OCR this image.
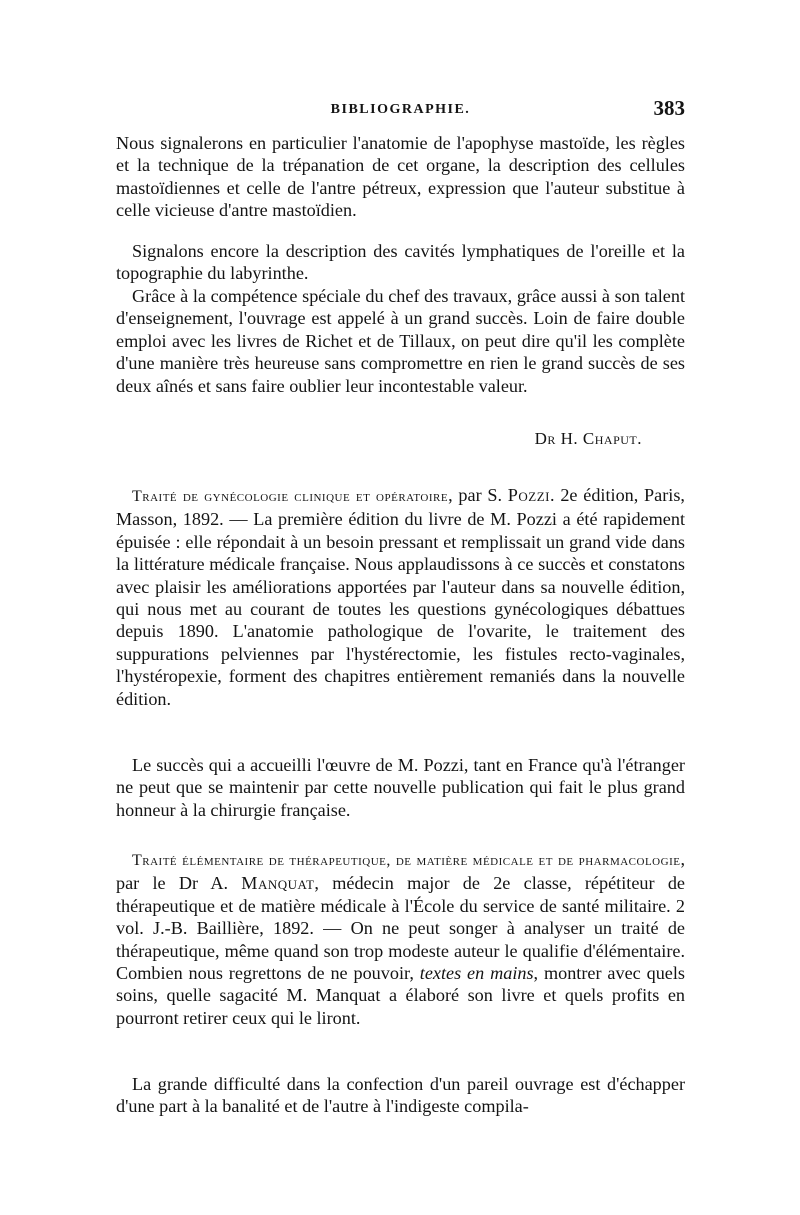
BIBLIOGRAPHIE.	383

Nous signalerons en particulier l'anatomie de l'apophyse mastoïde, les règles et la technique de la trépanation de cet organe, la description des cellules mastoïdiennes et celle de l'antre pétreux, expression que l'auteur substitue à celle vicieuse d'antre mastoïdien.

Signalons encore la description des cavités lymphatiques de l'oreille et la topographie du labyrinthe.

Grâce à la compétence spéciale du chef des travaux, grâce aussi à son talent d'enseignement, l'ouvrage est appelé à un grand succès. Loin de faire double emploi avec les livres de Richet et de Tillaux, on peut dire qu'il les complète d'une manière très heureuse sans compromettre en rien le grand succès de ses deux aînés et sans faire oublier leur incontestable valeur.

Dr H. Chaput.

Traité de gynécologie clinique et opératoire, par S. Pozzi. 2e édition, Paris, Masson, 1892. — La première édition du livre de M. Pozzi a été rapidement épuisée : elle répondait à un besoin pressant et remplissait un grand vide dans la littérature médicale française. Nous applaudissons à ce succès et constatons avec plaisir les améliorations apportées par l'auteur dans sa nouvelle édition, qui nous met au courant de toutes les questions gynécologiques débattues depuis 1890. L'anatomie pathologique de l'ovarite, le traitement des suppurations pelviennes par l'hystérectomie, les fistules recto-vaginales, l'hystéropexie, forment des chapitres entièrement remaniés dans la nouvelle édition.

Le succès qui a accueilli l'œuvre de M. Pozzi, tant en France qu'à l'étranger ne peut que se maintenir par cette nouvelle publication qui fait le plus grand honneur à la chirurgie française.

Traité élémentaire de thérapeutique, de matière médicale et de pharmacologie, par le Dr A. Manquat, médecin major de 2e classe, répétiteur de thérapeutique et de matière médicale à l'École du service de santé militaire. 2 vol. J.-B. Baillière, 1892. — On ne peut songer à analyser un traité de thérapeutique, même quand son trop modeste auteur le qualifie d'élémentaire. Combien nous regrettons de ne pouvoir, textes en mains, montrer avec quels soins, quelle sagacité M. Manquat a élaboré son livre et quels profits en pourront retirer ceux qui le liront.

La grande difficulté dans la confection d'un pareil ouvrage est d'échapper d'une part à la banalité et de l'autre à l'indigeste compila-
